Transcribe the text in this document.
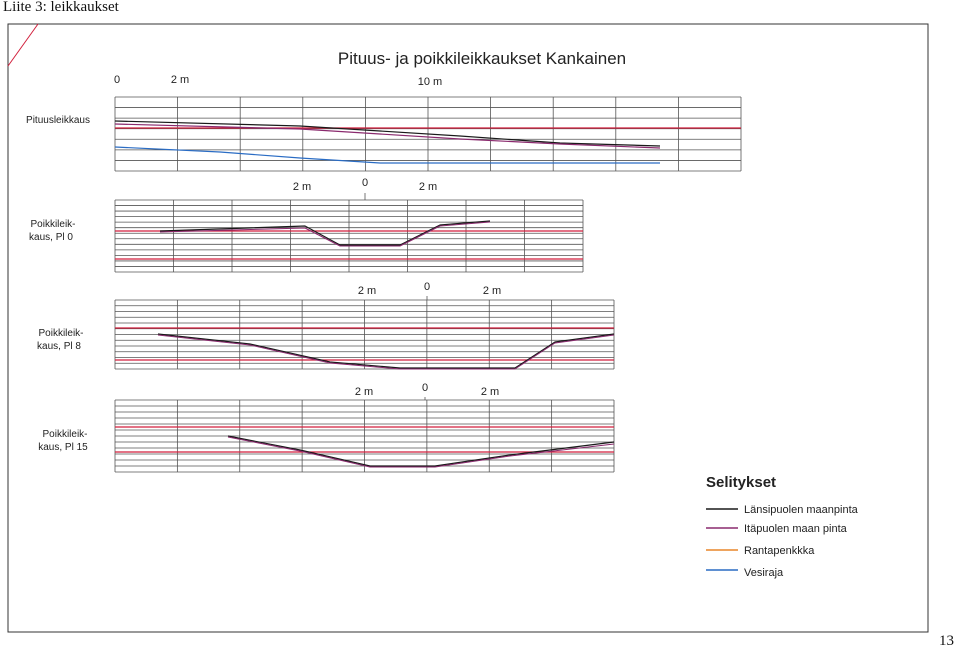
Liite 3: leikkaukset
Pituus- ja poikkileikkaukset Kankainen
0	2 m	10 m
Pituusleikkaus
Poikkileik-
kaus, Pl 0
Poikkileik-
kaus, Pl 8
Poikkileik-
kaus, Pl 15
2 m	0	2 m
2 m	0	2 m
2 m	0	2 m
Selitykset
Länsipuolen maanpinta
Itäpuolen maan pinta
Rantapenkkka
Vesiraja
13
